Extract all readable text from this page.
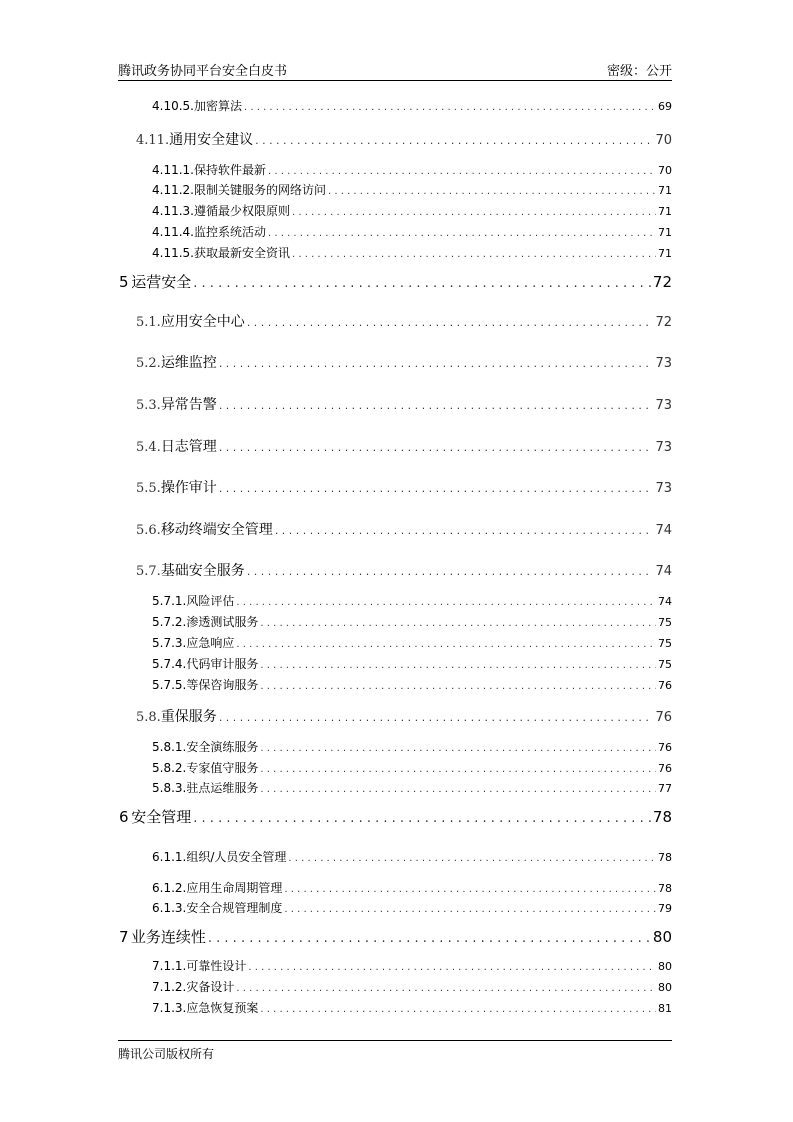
腾讯政务协同平台安全白皮书	密级：公开
4.10.5. 加密算法 . . .	69
4.11. 通用安全建议 . . .	70
4.11.1. 保持软件最新 . . .	70
4.11.2. 限制关键服务的网络访问 . . .	71
4.11.3. 遵循最少权限原则 . . .	71
4.11.4. 监控系统活动 . . .	71
4.11.5. 获取最新安全资讯 . . .	71
5 运营安全 . . .	72
5.1. 应用安全中心 . . .	72
5.2. 运维监控 . . .	73
5.3. 异常告警 . . .	73
5.4. 日志管理 . . .	73
5.5. 操作审计 . . .	73
5.6. 移动终端安全管理 . . .	74
5.7. 基础安全服务 . . .	74
5.7.1. 风险评估 . . .	74
5.7.2. 渗透测试服务 . . .	75
5.7.3. 应急响应 . . .	75
5.7.4. 代码审计服务 . . .	75
5.7.5. 等保咨询服务 . . .	76
5.8. 重保服务 . . .	76
5.8.1. 安全演练服务 . . .	76
5.8.2. 专家值守服务 . . .	76
5.8.3. 驻点运维服务 . . .	77
6 安全管理 . . .	78
6.1.1. 组织/人员安全管理 . . .	78
6.1.2. 应用生命周期管理 . . .	78
6.1.3. 安全合规管理制度 . . .	79
7 业务连续性 . . .	80
7.1.1. 可靠性设计 . . .	80
7.1.2. 灾备设计 . . .	80
7.1.3. 应急恢复预案 . . .	81
腾讯公司版权所有
